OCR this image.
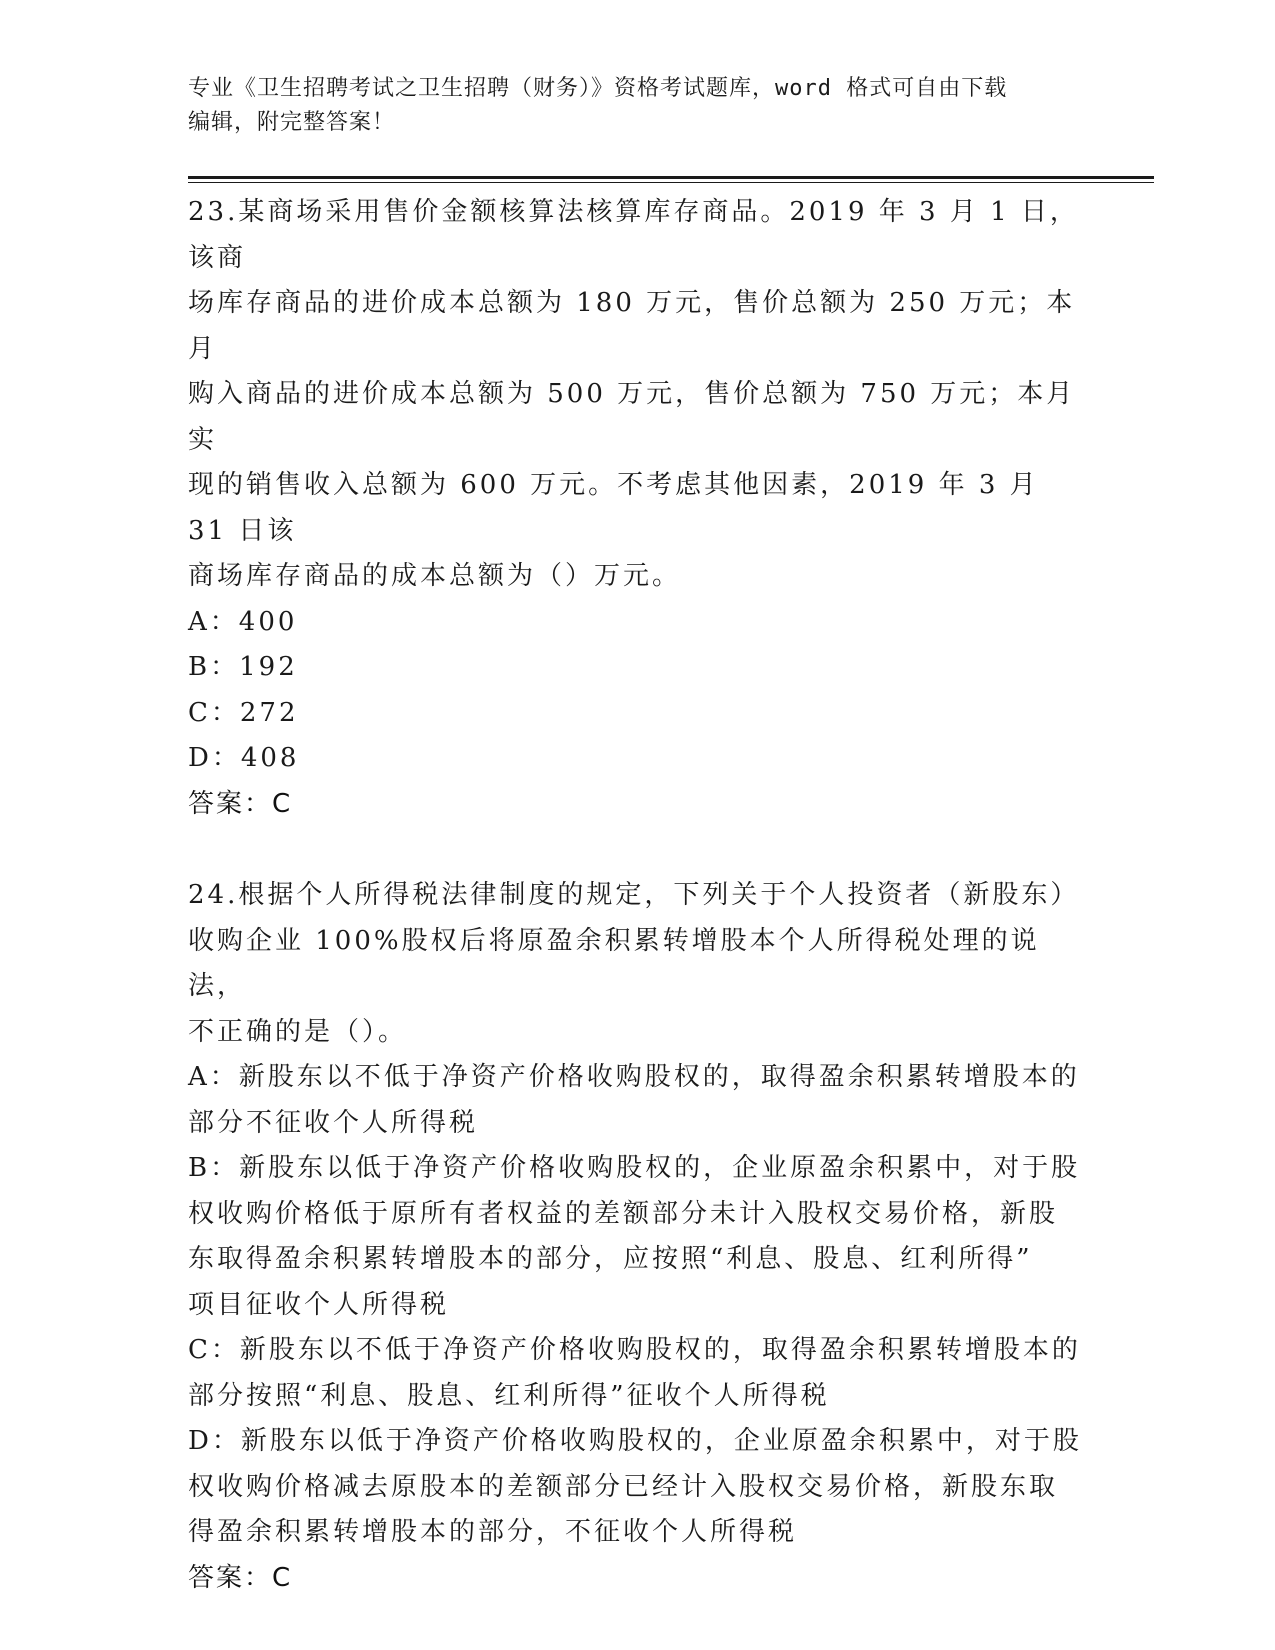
专业《卫生招聘考试之卫生招聘（财务）》资格考试题库，word 格式可自由下载
编辑，附完整答案！

23.某商场采用售价金额核算法核算库存商品。2019 年 3 月 1 日，该商

场库存商品的进价成本总额为 180 万元，售价总额为 250 万元；本月

购入商品的进价成本总额为 500 万元，售价总额为 750 万元；本月实

现的销售收入总额为 600 万元。不考虑其他因素，2019 年 3 月 31 日该

商场库存商品的成本总额为（）万元。

A：400

B：192

C：272

D：408

答案：C

24.根据个人所得税法律制度的规定，下列关于个人投资者（新股东）

收购企业 100%股权后将原盈余积累转增股本个人所得税处理的说法，

不正确的是（）。

A：新股东以不低于净资产价格收购股权的，取得盈余积累转增股本的

部分不征收个人所得税

B：新股东以低于净资产价格收购股权的，企业原盈余积累中，对于股

权收购价格低于原所有者权益的差额部分未计入股权交易价格，新股

东取得盈余积累转增股本的部分，应按照“利息、股息、红利所得”

项目征收个人所得税

C：新股东以不低于净资产价格收购股权的，取得盈余积累转增股本的

部分按照“利息、股息、红利所得”征收个人所得税

D：新股东以低于净资产价格收购股权的，企业原盈余积累中，对于股

权收购价格减去原股本的差额部分已经计入股权交易价格，新股东取

得盈余积累转增股本的部分，不征收个人所得税

答案：C
